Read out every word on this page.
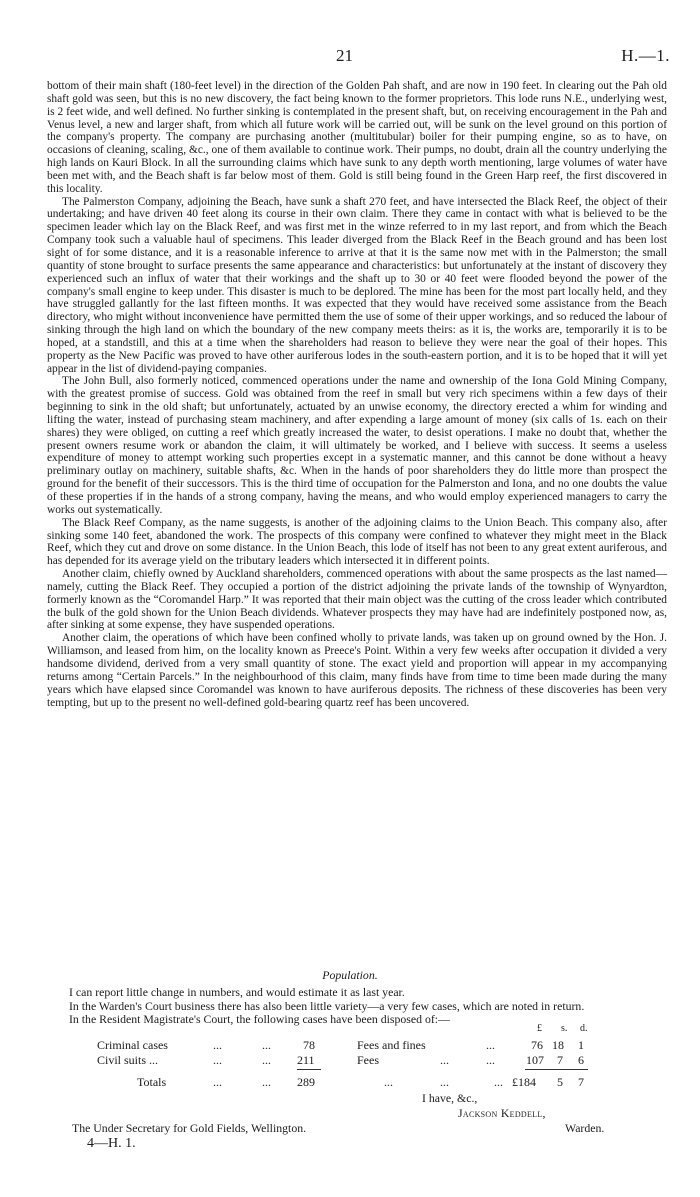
21	H.—1.

bottom of their main shaft (180-feet level) in the direction of the Golden Pah shaft, and are now in 190 feet. In clearing out the Pah old shaft gold was seen, but this is no new discovery, the fact being known to the former proprietors. This lode runs N.E., underlying west, is 2 feet wide, and well defined. No further sinking is contemplated in the present shaft, but, on receiving encouragement in the Pah and Venus level, a new and larger shaft, from which all future work will be carried out, will be sunk on the level ground on this portion of the company's property. The company are purchasing another (multitubular) boiler for their pumping engine, so as to have, on occasions of cleaning, scaling, &c., one of them available to continue work. Their pumps, no doubt, drain all the country underlying the high lands on Kauri Block. In all the surrounding claims which have sunk to any depth worth mentioning, large volumes of water have been met with, and the Beach shaft is far below most of them. Gold is still being found in the Green Harp reef, the first discovered in this locality.

The Palmerston Company, adjoining the Beach, have sunk a shaft 270 feet, and have intersected the Black Reef, the object of their undertaking; and have driven 40 feet along its course in their own claim. There they came in contact with what is believed to be the specimen leader which lay on the Black Reef, and was first met in the winze referred to in my last report, and from which the Beach Company took such a valuable haul of specimens. This leader diverged from the Black Reef in the Beach ground and has been lost sight of for some distance, and it is a reasonable inference to arrive at that it is the same now met with in the Palmerston; the small quantity of stone brought to surface presents the same appearance and characteristics: but unfortunately at the instant of discovery they experienced such an influx of water that their workings and the shaft up to 30 or 40 feet were flooded beyond the power of the company's small engine to keep under. This disaster is much to be deplored. The mine has been for the most part locally held, and they have struggled gallantly for the last fifteen months. It was expected that they would have received some assistance from the Beach directory, who might without inconvenience have permitted them the use of some of their upper workings, and so reduced the labour of sinking through the high land on which the boundary of the new company meets theirs: as it is, the works are, temporarily it is to be hoped, at a standstill, and this at a time when the shareholders had reason to believe they were near the goal of their hopes. This property as the New Pacific was proved to have other auriferous lodes in the south-eastern portion, and it is to be hoped that it will yet appear in the list of dividend-paying companies.

The John Bull, also formerly noticed, commenced operations under the name and ownership of the Iona Gold Mining Company, with the greatest promise of success. Gold was obtained from the reef in small but very rich specimens within a few days of their beginning to sink in the old shaft; but unfortunately, actuated by an unwise economy, the directory erected a whim for winding and lifting the water, instead of purchasing steam machinery, and after expending a large amount of money (six calls of 1s. each on their shares) they were obliged, on cutting a reef which greatly increased the water, to desist operations. I make no doubt that, whether the present owners resume work or abandon the claim, it will ultimately be worked, and I believe with success. It seems a useless expenditure of money to attempt working such properties except in a systematic manner, and this cannot be done without a heavy preliminary outlay on machinery, suitable shafts, &c. When in the hands of poor shareholders they do little more than prospect the ground for the benefit of their successors. This is the third time of occupation for the Palmerston and Iona, and no one doubts the value of these properties if in the hands of a strong company, having the means, and who would employ experienced managers to carry the works out systematically.

The Black Reef Company, as the name suggests, is another of the adjoining claims to the Union Beach. This company also, after sinking some 140 feet, abandoned the work. The prospects of this company were confined to whatever they might meet in the Black Reef, which they cut and drove on some distance. In the Union Beach, this lode of itself has not been to any great extent auriferous, and has depended for its average yield on the tributary leaders which intersected it in different points.

Another claim, chiefly owned by Auckland shareholders, commenced operations with about the same prospects as the last named—namely, cutting the Black Reef. They occupied a portion of the district adjoining the private lands of the township of Wynyardton, formerly known as the “Coromandel Harp.” It was reported that their main object was the cutting of the cross leader which contributed the bulk of the gold shown for the Union Beach dividends. Whatever prospects they may have had are indefinitely postponed now, as, after sinking at some expense, they have suspended operations.

Another claim, the operations of which have been confined wholly to private lands, was taken up on ground owned by the Hon. J. Williamson, and leased from him, on the locality known as Preece's Point. Within a very few weeks after occupation it divided a very handsome dividend, derived from a very small quantity of stone. The exact yield and proportion will appear in my accompanying returns among “Certain Parcels.” In the neighbourhood of this claim, many finds have from time to time been made during the many years which have elapsed since Coromandel was known to have auriferous deposits. The richness of these discoveries has been very tempting, but up to the present no well-defined gold-bearing quartz reef has been uncovered.

Population.

I can report little change in numbers, and would estimate it as last year.

In the Warden's Court business there has also been little variety—a very few cases, which are noted in return.

In the Resident Magistrate's Court, the following cases have been disposed of:—

£ s. d.
Criminal cases	...	...	78	Fees and fines	...	76 18 1
Civil suits ...	...	... 211	Fees	...	...	107 7 6
Totals	...	... 289	...	...	... £184 5 7
I have, &c.,
Jackson Keddell,
The Under Secretary for Gold Fields, Wellington.	Warden.
4—H. 1.
